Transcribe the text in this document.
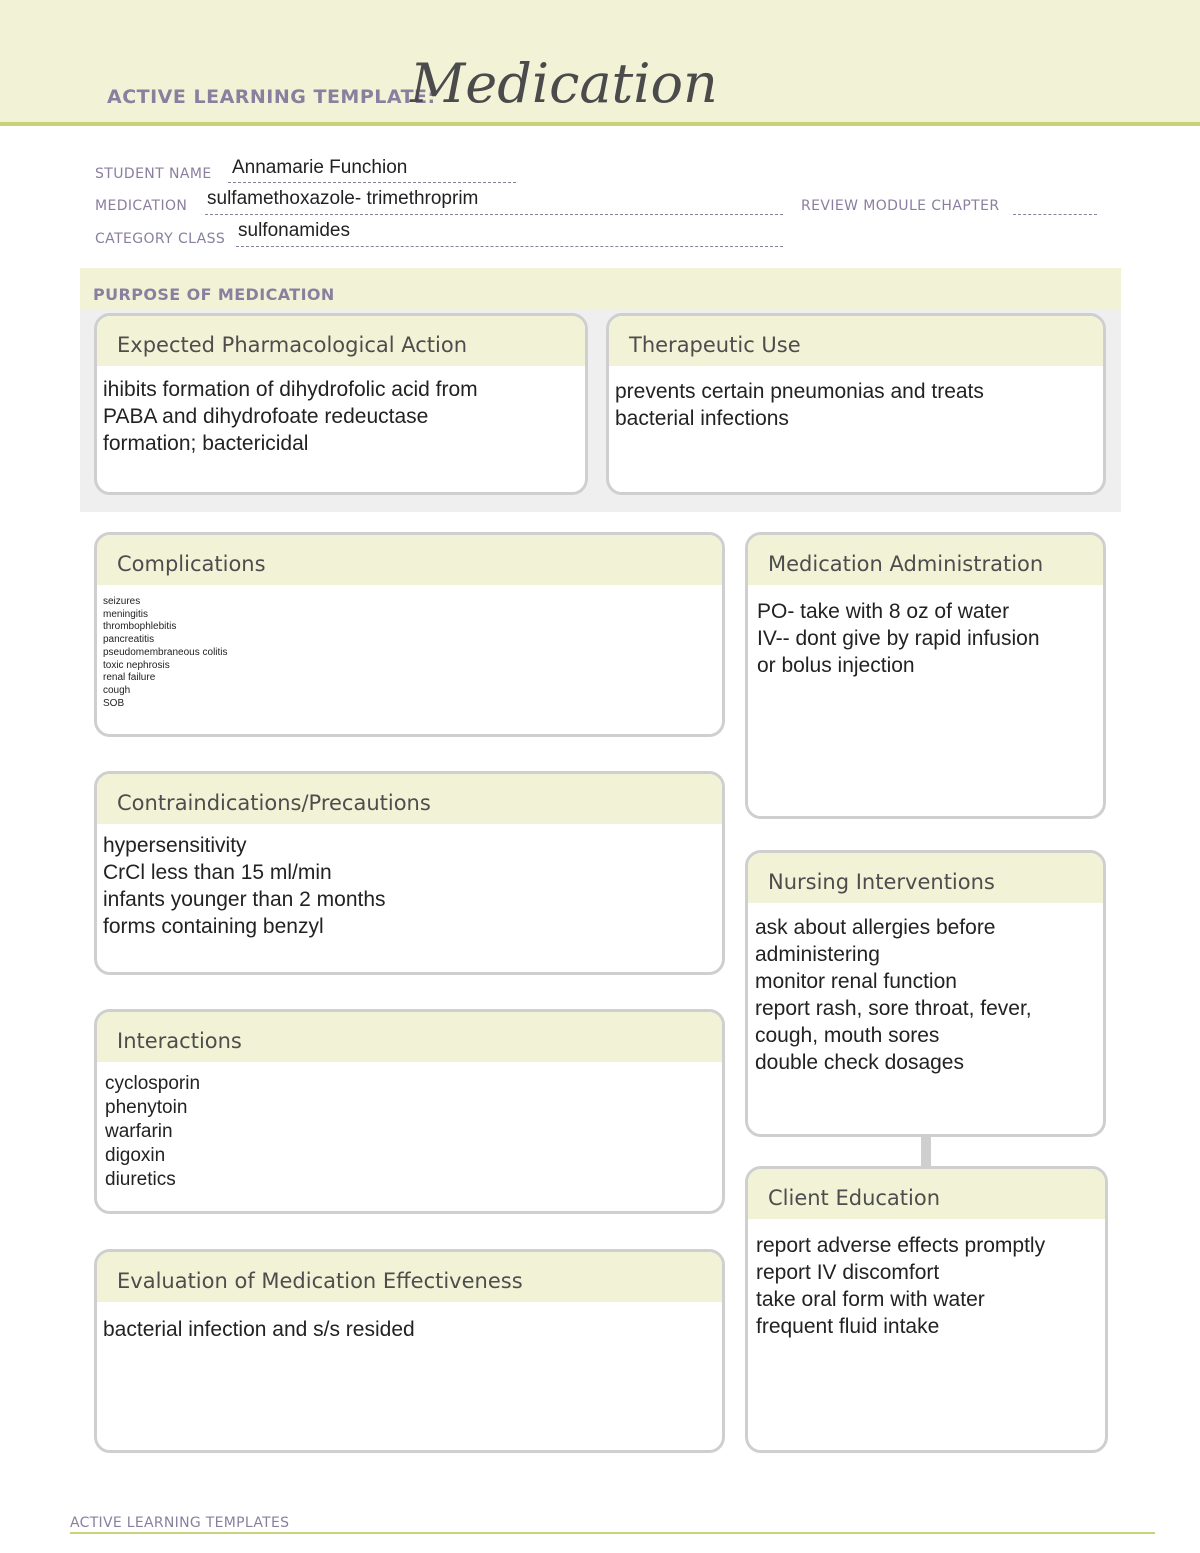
ACTIVE LEARNING TEMPLATE:
Medication
STUDENT NAME Annamarie Funchion
MEDICATION sulfamethoxazole- trimethroprim	REVIEW MODULE CHAPTER
CATEGORY CLASS sulfonamides
PURPOSE OF MEDICATION
Expected Pharmacological Action
ihibits formation of dihydrofolic acid from
PABA and dihydrofoate redeuctase
formation; bactericidal
Therapeutic Use
prevents certain pneumonias and treats
bacterial infections
Complications
seizures
meningitis
thrombophlebitis
pancreatitis
pseudomembraneous colitis
toxic nephrosis
renal failure
cough
SOB
Medication Administration
PO- take with 8 oz of water
IV-- dont give by rapid infusion
or bolus injection
Contraindications/Precautions
hypersensitivity
CrCl less than 15 ml/min
infants younger than 2 months
forms containing benzyl
Nursing Interventions
ask about allergies before
administering
monitor renal function
report rash, sore throat, fever,
cough, mouth sores
double check dosages
Interactions
cyclosporin
phenytoin
warfarin
digoxin
diuretics
Client Education
report adverse effects promptly
report IV discomfort
take oral form with water
frequent fluid intake
Evaluation of Medication Effectiveness
bacterial infection and s/s resided
ACTIVE LEARNING TEMPLATES
